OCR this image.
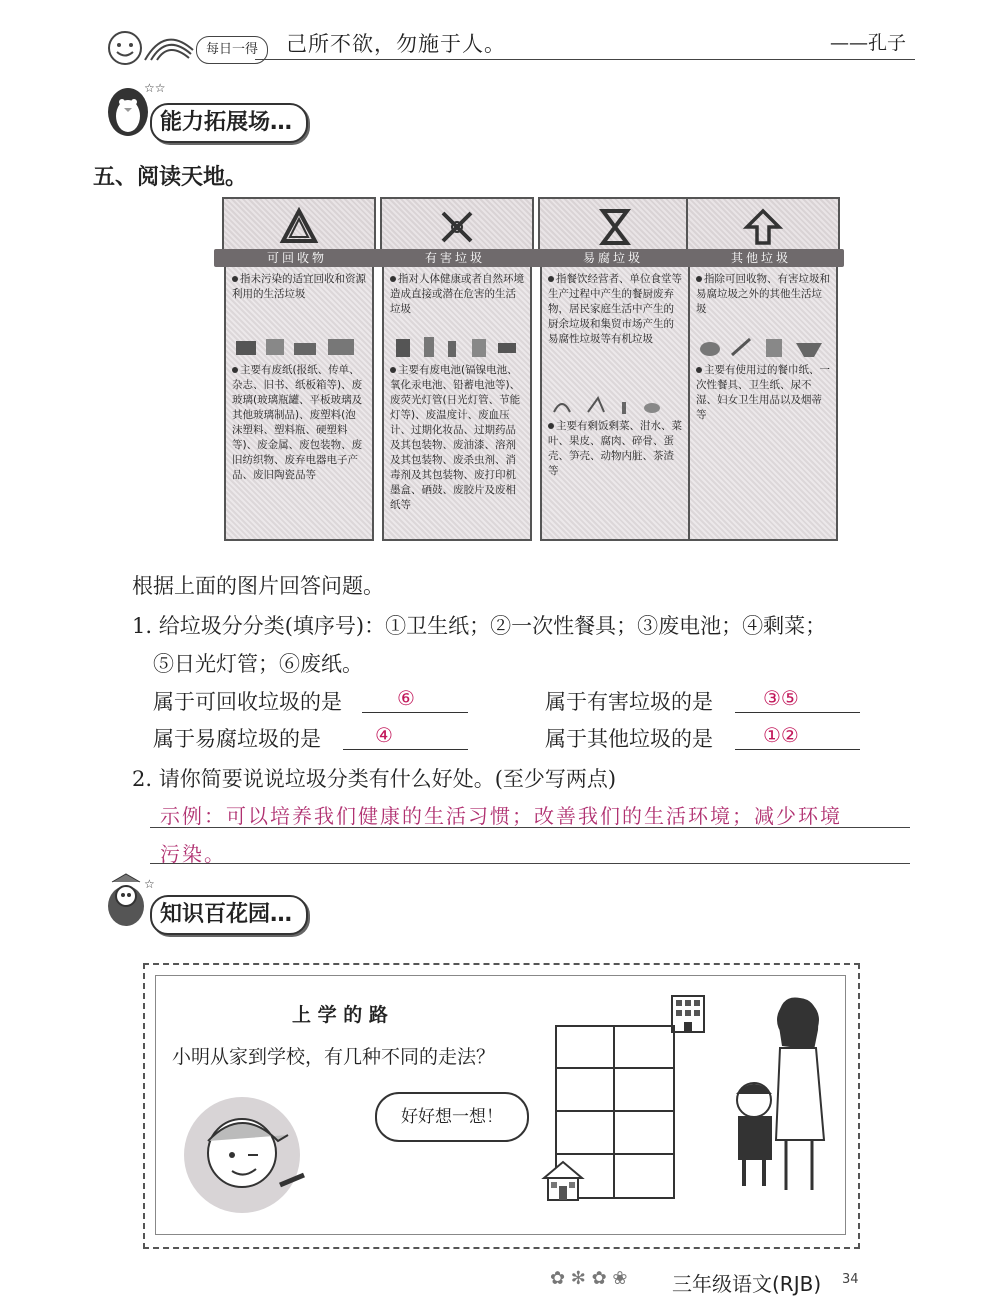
每日一得	己所不欲，勿施于人。	——孔子
☆☆
能力拓展场…
五、阅读天地。
可回收物
指未污染的适宜回收和资源利用的生活垃圾
主要有废纸(报纸、传单、杂志、旧书、纸板箱等)、废玻璃(玻璃瓶罐、平板玻璃及其他玻璃制品)、废塑料(泡沫塑料、塑料瓶、硬塑料等)、废金属、废包装物、废旧纺织物、废弃电器电子产品、废旧陶瓷品等
有害垃圾
指对人体健康或者自然环境造成直接或潜在危害的生活垃圾
主要有废电池(镉镍电池、氧化汞电池、铅蓄电池等)、废荧光灯管(日光灯管、节能灯等)、废温度计、废血压计、过期化妆品、过期药品及其包装物、废油漆、溶剂及其包装物、废杀虫剂、消毒剂及其包装物、废打印机墨盒、硒鼓、废胶片及废相纸等
易腐垃圾
指餐饮经营者、单位食堂等生产过程中产生的餐厨废弃物，居民家庭生活中产生的厨余垃圾和集贸市场产生的易腐性垃圾等有机垃圾
主要有剩饭剩菜、泔水、菜叶、果皮、腐肉、碎骨、蛋壳、笋壳、动物内脏、茶渣等
其他垃圾
指除可回收物、有害垃圾和易腐垃圾之外的其他生活垃圾
主要有使用过的餐巾纸、一次性餐具、卫生纸、尿不湿、妇女卫生用品以及烟蒂等
根据上面的图片回答问题。
1. 给垃圾分分类(填序号)：①卫生纸；②一次性餐具；③废电池；④剩菜；
⑤日光灯管；⑥废纸。
属于可回收垃圾的是	⑥	属于有害垃圾的是	③⑤
属于易腐垃圾的是	④	属于其他垃圾的是	①②
2. 请你简要说说垃圾分类有什么好处。(至少写两点)
示例：可以培养我们健康的生活习惯；改善我们的生活环境；减少环境
污染。
☆
知识百花园…
上 学 的 路
小明从家到学校，有几种不同的走法？
好好想一想！
✿ ✻ ✿ ❀ 三年级语文(RJB) 34
